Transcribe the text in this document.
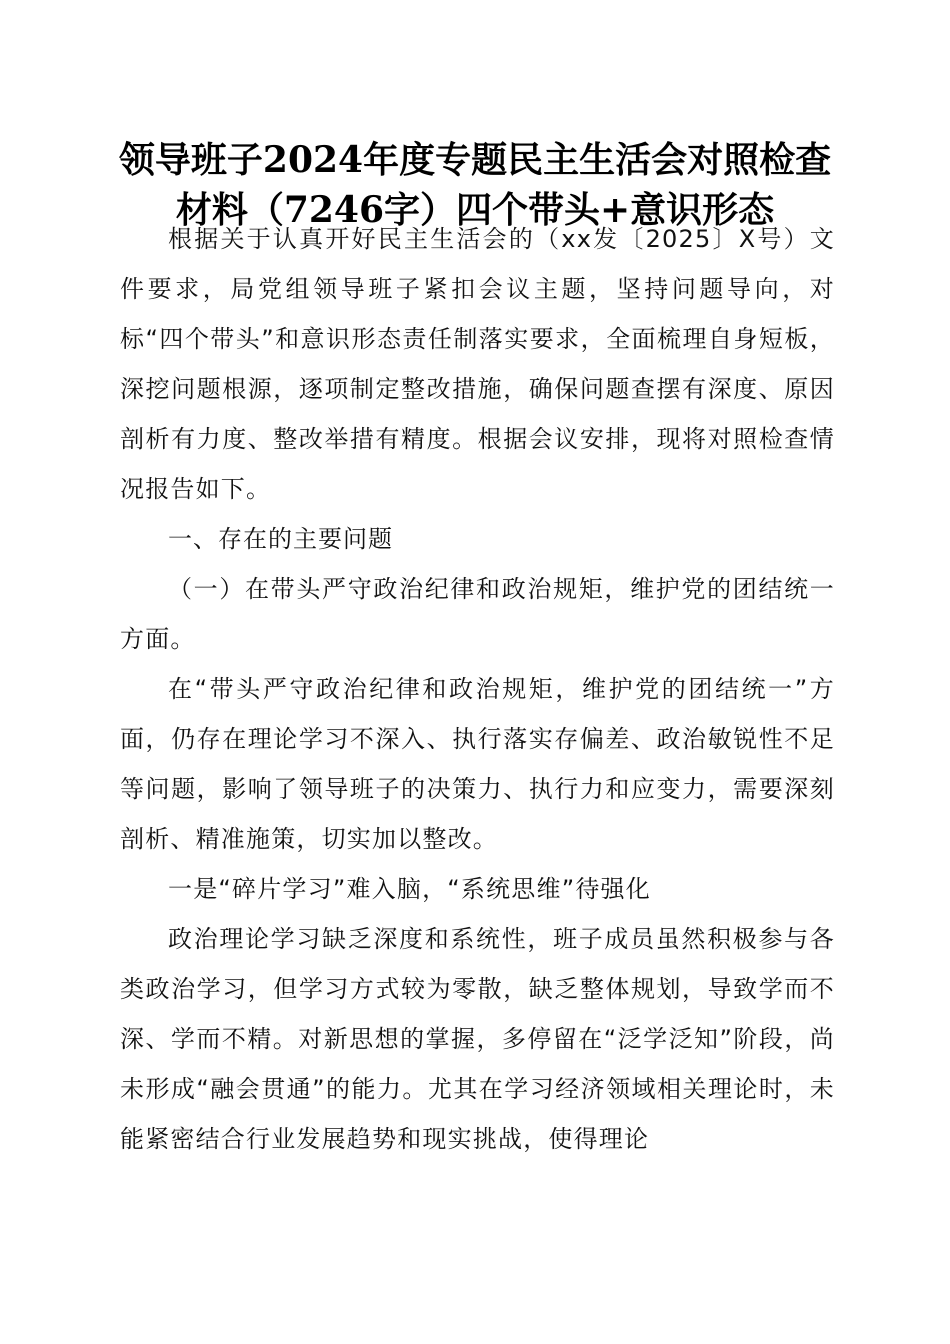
领导班子2024年度专题民主生活会对照检查
材料（7246字）四个带头+意识形态

根据关于认真开好民主生活会的（xx发〔2025〕X号）文件要求，局党组领导班子紧扣会议主题，坚持问题导向，对标“四个带头”和意识形态责任制落实要求，全面梳理自身短板，深挖问题根源，逐项制定整改措施，确保问题查摆有深度、原因剖析有力度、整改举措有精度。根据会议安排，现将对照检查情况报告如下。

一、存在的主要问题

（一）在带头严守政治纪律和政治规矩，维护党的团结统一方面。

在“带头严守政治纪律和政治规矩，维护党的团结统一”方面，仍存在理论学习不深入、执行落实存偏差、政治敏锐性不足等问题，影响了领导班子的决策力、执行力和应变力，需要深刻剖析、精准施策，切实加以整改。

一是“碎片学习”难入脑，“系统思维”待强化

政治理论学习缺乏深度和系统性，班子成员虽然积极参与各类政治学习，但学习方式较为零散，缺乏整体规划，导致学而不深、学而不精。对新思想的掌握，多停留在“泛学泛知”阶段，尚未形成“融会贯通”的能力。尤其在学习经济领域相关理论时，未能紧密结合行业发展趋势和现实挑战，使得理论
